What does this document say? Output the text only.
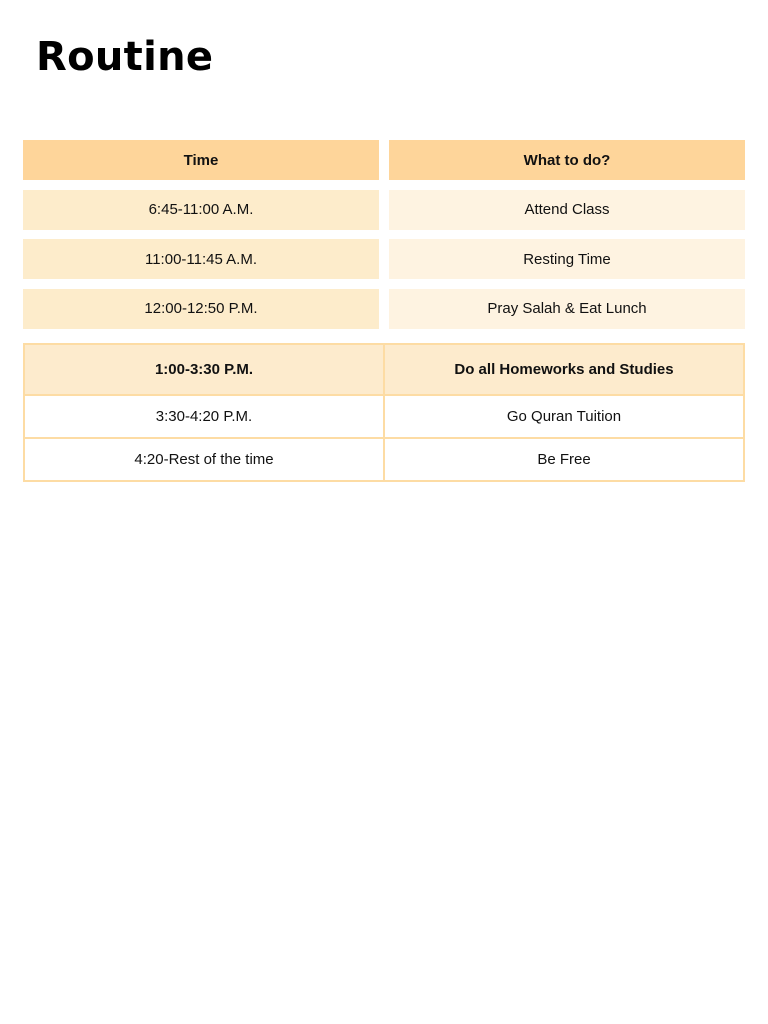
Routine
Time	What to do?
6:45-11:00 A.M.	Attend Class
11:00-11:45 A.M.	Resting Time
12:00-12:50 P.M.	Pray Salah & Eat Lunch
1:00-3:30 P.M.	Do all Homeworks and Studies
3:30-4:20 P.M.	Go Quran Tuition
4:20-Rest of the time	Be Free
